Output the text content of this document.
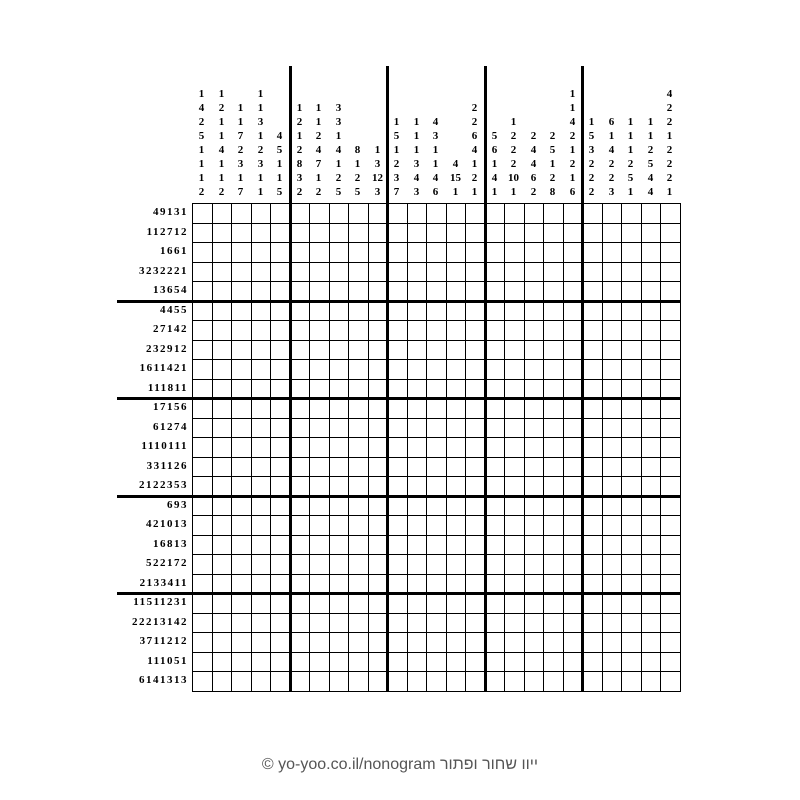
1
4
2
5
1
1
1
2
1
2
1
1
4
1
1
2
1
1
7
2
3
1
7
1
1
3
1
2
3
1
1
4
5
1
1
5
1
2
1
2
8
3
2
1
1
2
4
7
1
2
3
3
1
4
1
2
5
8
1
2
5
1
3
12
3
1
5
1
2
3
7
1
1
1
3
4
3
4
3
1
1
4
6
4
15
1
2
2
6
4
1
2
1
5
6
1
4
1
1
2
2
2
10
1
2
4
4
6
2
2
5
1
2
8
1
1
4
2
1
2
1
6
1
5
3
2
2
2
6
1
4
2
2
3
1
1
1
2
5
1
1
1
2
5
4
4
4
2
2
1
2
2
2
1
49131
112712
1661
3232221
13654
4455
27142
232912
1611421
111811
17156
61274
1110111
331126
2122353
693
421013
16813
522172
2133411
11511231
22213142
3711212
111051
6141313
© yo-yoo.co.il/nonogram ייוו שחור ופתור
